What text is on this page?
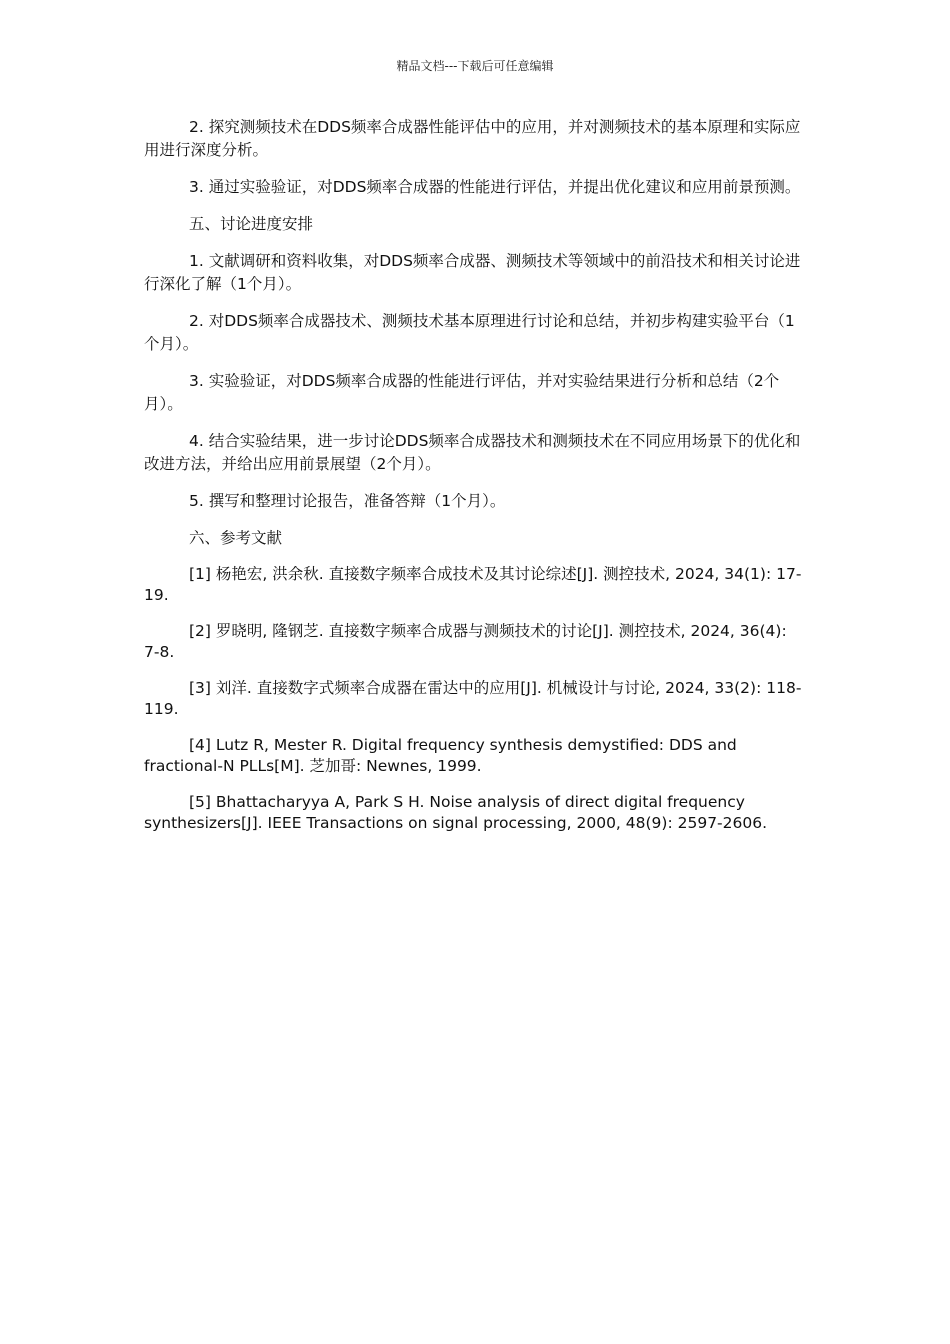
精品文档---下载后可任意编辑

2. 探究测频技术在DDS频率合成器性能评估中的应用，并对测频技术的基本原理和实际应用进行深度分析。

3. 通过实验验证，对DDS频率合成器的性能进行评估，并提出优化建议和应用前景预测。

五、讨论进度安排

1. 文献调研和资料收集，对DDS频率合成器、测频技术等领域中的前沿技术和相关讨论进行深化了解（1个月）。

2. 对DDS频率合成器技术、测频技术基本原理进行讨论和总结，并初步构建实验平台（1个月）。

3. 实验验证，对DDS频率合成器的性能进行评估，并对实验结果进行分析和总结（2个月）。

4. 结合实验结果，进一步讨论DDS频率合成器技术和测频技术在不同应用场景下的优化和改进方法，并给出应用前景展望（2个月）。

5. 撰写和整理讨论报告，准备答辩（1个月）。

六、参考文献

[1] 杨艳宏, 洪余秋. 直接数字频率合成技术及其讨论综述[J]. 测控技术, 2024, 34(1): 17-19.

[2] 罗晓明, 隆钢芝. 直接数字频率合成器与测频技术的讨论[J]. 测控技术, 2024, 36(4): 7-8.

[3] 刘洋. 直接数字式频率合成器在雷达中的应用[J]. 机械设计与讨论, 2024, 33(2): 118-119.

[4] Lutz R, Mester R. Digital frequency synthesis demystified: DDS and fractional-N PLLs[M]. 芝加哥: Newnes, 1999.

[5] Bhattacharyya A, Park S H. Noise analysis of direct digital frequency synthesizers[J]. IEEE Transactions on signal processing, 2000, 48(9): 2597-2606.
